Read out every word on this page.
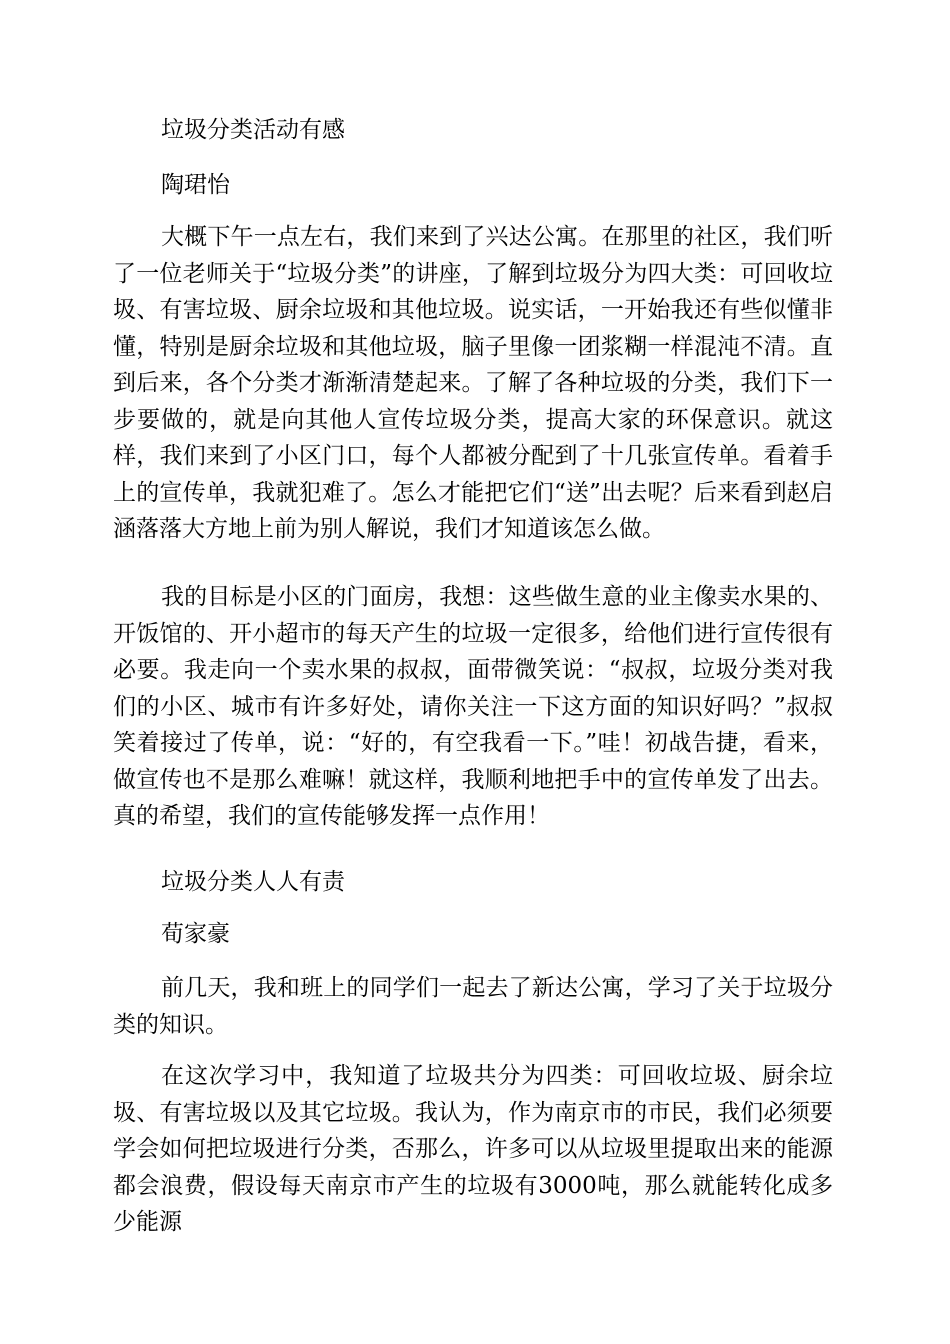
垃圾分类活动有感

陶珺怡

大概下午一点左右，我们来到了兴达公寓。在那里的社区，我们听了一位老师关于“垃圾分类”的讲座，了解到垃圾分为四大类：可回收垃圾、有害垃圾、厨余垃圾和其他垃圾。说实话，一开始我还有些似懂非懂，特别是厨余垃圾和其他垃圾，脑子里像一团浆糊一样混沌不清。直到后来，各个分类才渐渐清楚起来。了解了各种垃圾的分类，我们下一步要做的，就是向其他人宣传垃圾分类，提高大家的环保意识。就这样，我们来到了小区门口，每个人都被分配到了十几张宣传单。看着手上的宣传单，我就犯难了。怎么才能把它们“送”出去呢？后来看到赵启涵落落大方地上前为别人解说，我们才知道该怎么做。

我的目标是小区的门面房，我想：这些做生意的业主像卖水果的、开饭馆的、开小超市的每天产生的垃圾一定很多，给他们进行宣传很有必要。我走向一个卖水果的叔叔，面带微笑说：“叔叔，垃圾分类对我们的小区、城市有许多好处，请你关注一下这方面的知识好吗？”叔叔笑着接过了传单，说：“好的，有空我看一下。”哇！初战告捷，看来，做宣传也不是那么难嘛！就这样，我顺利地把手中的宣传单发了出去。真的希望，我们的宣传能够发挥一点作用！

垃圾分类人人有责

荀家豪

前几天，我和班上的同学们一起去了新达公寓，学习了关于垃圾分类的知识。

在这次学习中，我知道了垃圾共分为四类：可回收垃圾、厨余垃圾、有害垃圾以及其它垃圾。我认为，作为南京市的市民，我们必须要学会如何把垃圾进行分类，否那么，许多可以从垃圾里提取出来的能源都会浪费，假设每天南京市产生的垃圾有3000吨，那么就能转化成多少能源
